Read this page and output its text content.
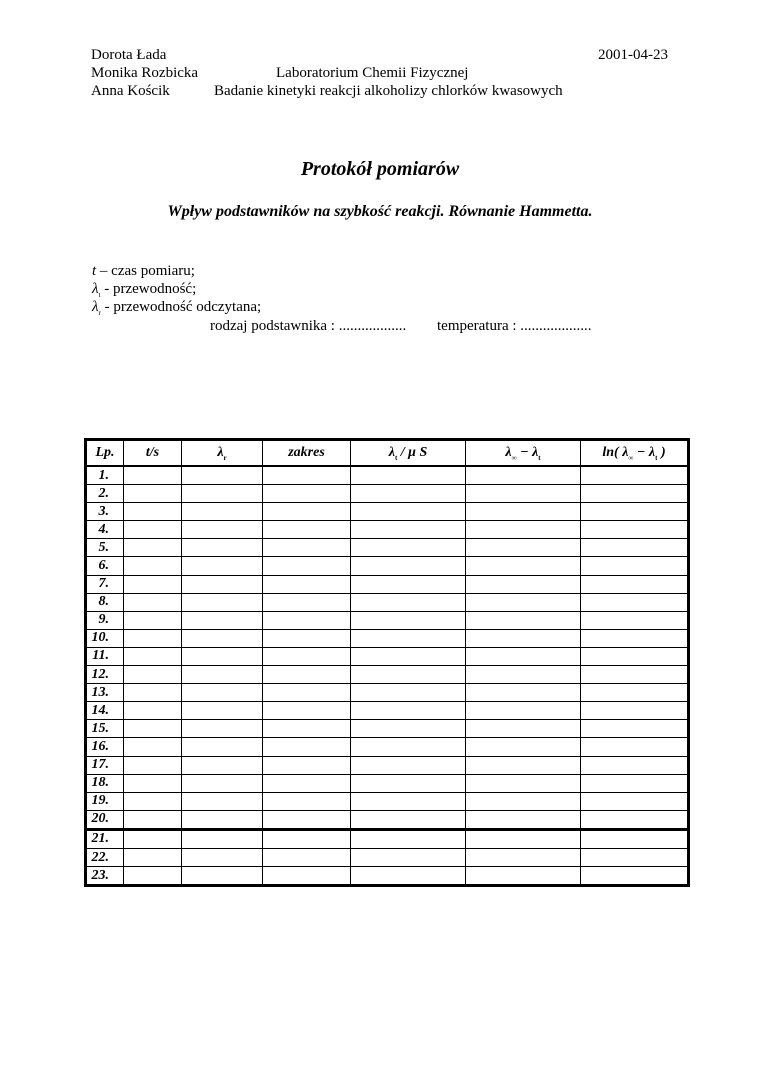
Dorota Łada	2001-04-23
Monika Rozbicka	Laboratorium Chemii Fizycznej
Anna Kościk	Badanie kinetyki reakcji alkoholizy chlorków kwasowych
Protokół pomiarów
Wpływ podstawników na szybkość reakcji. Równanie Hammetta.
t – czas pomiaru;
$\lambda_t$ - przewodność;
$\lambda_r$ - przewodność odczytana;
rodzaj podstawnika : .................. temperatura : ...................
Lp.	t/s	$\lambda_r$	zakres	$\lambda_t$ / μ S	$\lambda_\infty - \lambda_t$	ln( $\lambda_\infty - \lambda_t$ )
1.						
2.						
3.						
4.						
5.						
6.						
7.						
8.						
9.						
10.						
11.						
12.						
13.						
14.						
15.						
16.						
17.						
18.						
19.						
20.						
21.						
22.						
23.						
